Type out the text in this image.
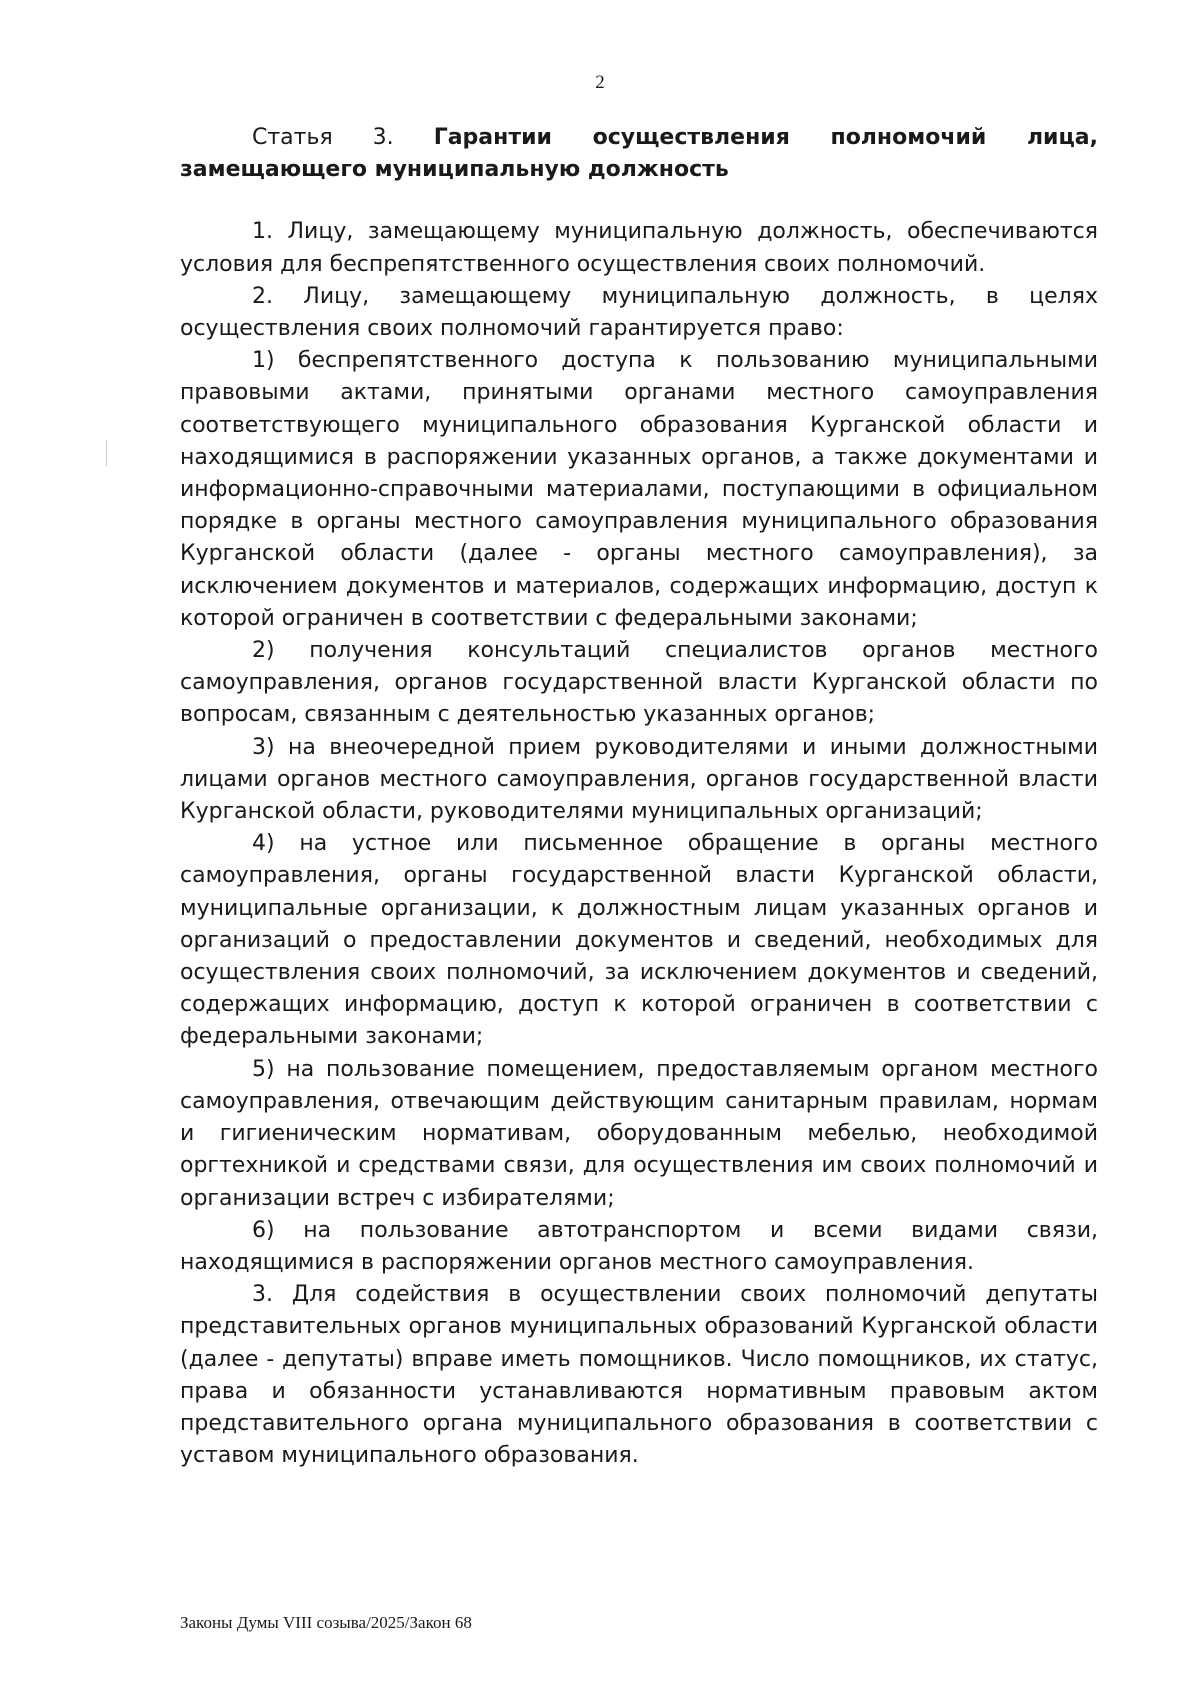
2

Статья 3. Гарантии осуществления полномочий лица, замещающего муниципальную должность

1. Лицу, замещающему муниципальную должность, обеспечиваются условия для беспрепятственного осуществления своих полномочий.

2. Лицу, замещающему муниципальную должность, в целях осуществления своих полномочий гарантируется право:

1) беспрепятственного доступа к пользованию муниципальными правовыми актами, принятыми органами местного самоуправления соответствующего муниципального образования Курганской области и находящимися в распоряжении указанных органов, а также документами и информационно-справочными материалами, поступающими в официальном порядке в органы местного самоуправления муниципального образования Курганской области (далее - органы местного самоуправления), за исключением документов и материалов, содержащих информацию, доступ к которой ограничен в соответствии с федеральными законами;

2) получения консультаций специалистов органов местного самоуправления, органов государственной власти Курганской области по вопросам, связанным с деятельностью указанных органов;

3) на внеочередной прием руководителями и иными должностными лицами органов местного самоуправления, органов государственной власти Курганской области, руководителями муниципальных организаций;

4) на устное или письменное обращение в органы местного самоуправления, органы государственной власти Курганской области, муниципальные организации, к должностным лицам указанных органов и организаций о предоставлении документов и сведений, необходимых для осуществления своих полномочий, за исключением документов и сведений, содержащих информацию, доступ к которой ограничен в соответствии с федеральными законами;

5) на пользование помещением, предоставляемым органом местного самоуправления, отвечающим действующим санитарным правилам, нормам и гигиеническим нормативам, оборудованным мебелью, необходимой оргтехникой и средствами связи, для осуществления им своих полномочий и организации встреч с избирателями;

6) на пользование автотранспортом и всеми видами связи, находящимися в распоряжении органов местного самоуправления.

3. Для содействия в осуществлении своих полномочий депутаты представительных органов муниципальных образований Курганской области (далее - депутаты) вправе иметь помощников. Число помощников, их статус, права и обязанности устанавливаются нормативным правовым актом представительного органа муниципального образования в соответствии с уставом муниципального образования.

Законы Думы VIII созыва/2025/Закон 68
